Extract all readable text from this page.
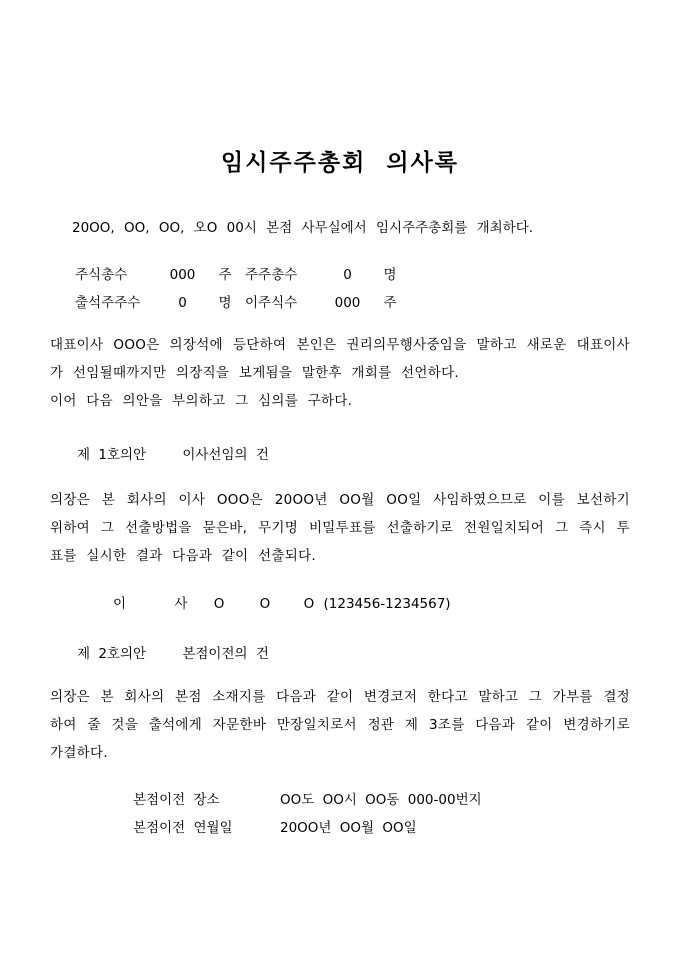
임시주주총회 의사록
20OO, OO, OO, 오O 00시 본점 사무실에서 임시주주총회를 개최하다.
주식총수	000	주 주주총수	0	명
출석주주수	0	명 이주식수	000	주
대표이사 OOO은 의장석에 등단하여 본인은 권리의무행사중임을 말하고 새로운 대표이사가 선임될때까지만 의장직을 보게됨을 말한후 개회를 선언하다.
이어 다음 의안을 부의하고 그 심의를 구하다.
제 1호의안	이사선임의 건
의장은 본 회사의 이사 OOO은 20OO년 OO월 OO일 사임하였으므로 이를 보선하기 위하여 그 선출방법을 묻은바, 무기명 비밀투표를 선출하기로 전원일치되어 그 즉시 투표를 실시한 결과 다음과 같이 선출되다.
이	사 O	O O (123456-1234567)
제 2호의안	본점이전의 건
의장은 본 회사의 본점 소재지를 다음과 같이 변경코저 한다고 말하고 그 가부를 결정하여 줄 것을 출석에게 자문한바 만장일치로서 정관 제 3조를 다음과 같이 변경하기로 가결하다.
본점이전 장소	OO도 OO시 OO동 000-00번지
본점이전 연월일	20OO년 OO월 OO일
